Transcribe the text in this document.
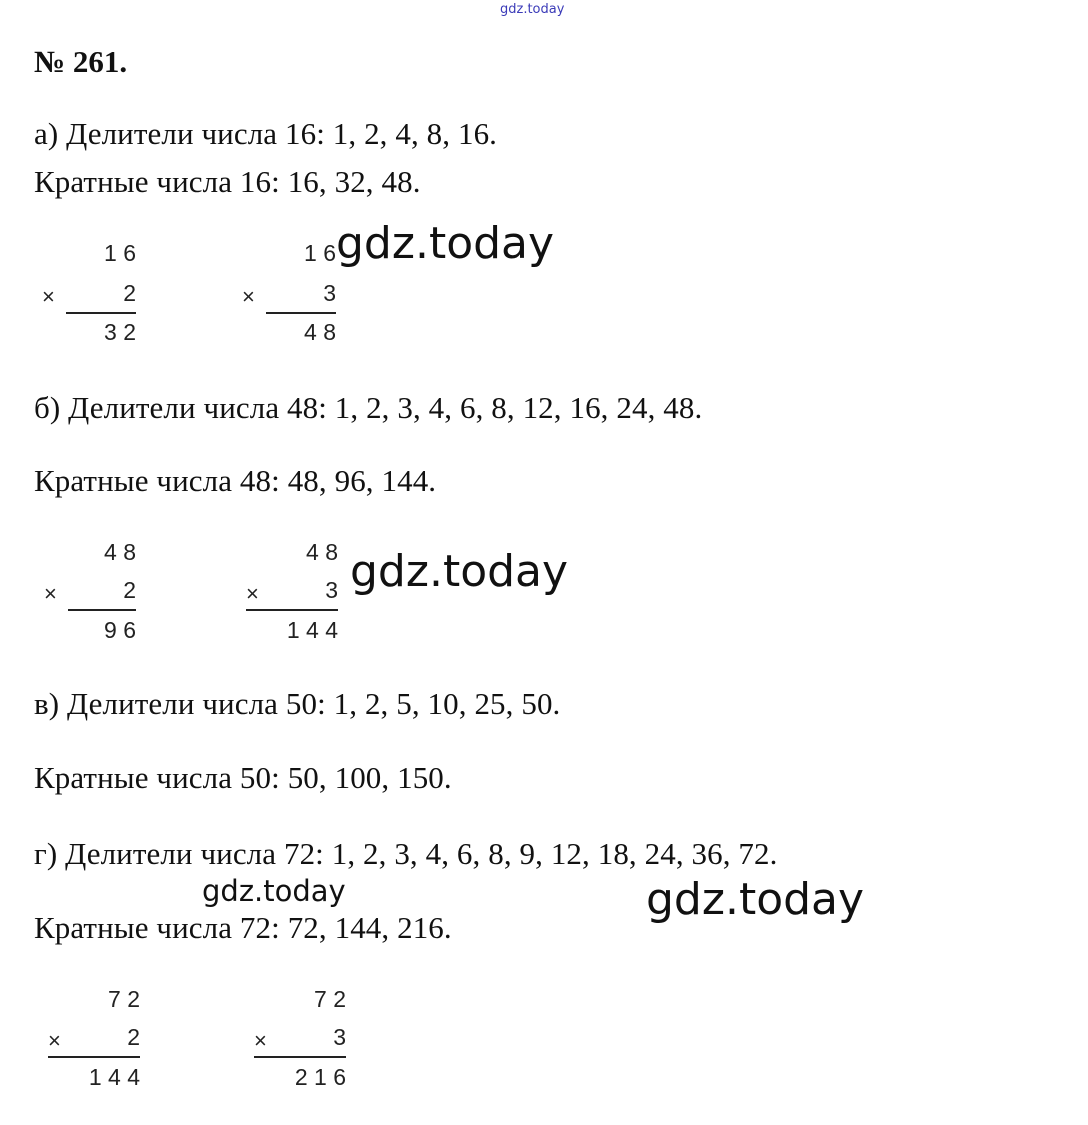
gdz.today
№ 261.
а) Делители числа 16: 1, 2, 4, 8, 16.
Кратные числа 16: 16, 32, 48.
1 6
×	2
3 2
1 6
×	3
4 8
gdz.today
б) Делители числа 48: 1, 2, 3, 4, 6, 8, 12, 16, 24, 48.
Кратные числа 48: 48, 96, 144.
4 8
×	2
9 6
4 8
×	3
1 4 4
gdz.today
в) Делители числа 50: 1, 2, 5, 10, 25, 50.
Кратные числа 50: 50, 100, 150.
г) Делители числа 72: 1, 2, 3, 4, 6, 8, 9, 12, 18, 24, 36, 72.
Кратные числа 72: 72, 144, 216.
gdz.today	gdz.today
7 2
×	2
1 4 4
7 2
×	3
2 1 6
